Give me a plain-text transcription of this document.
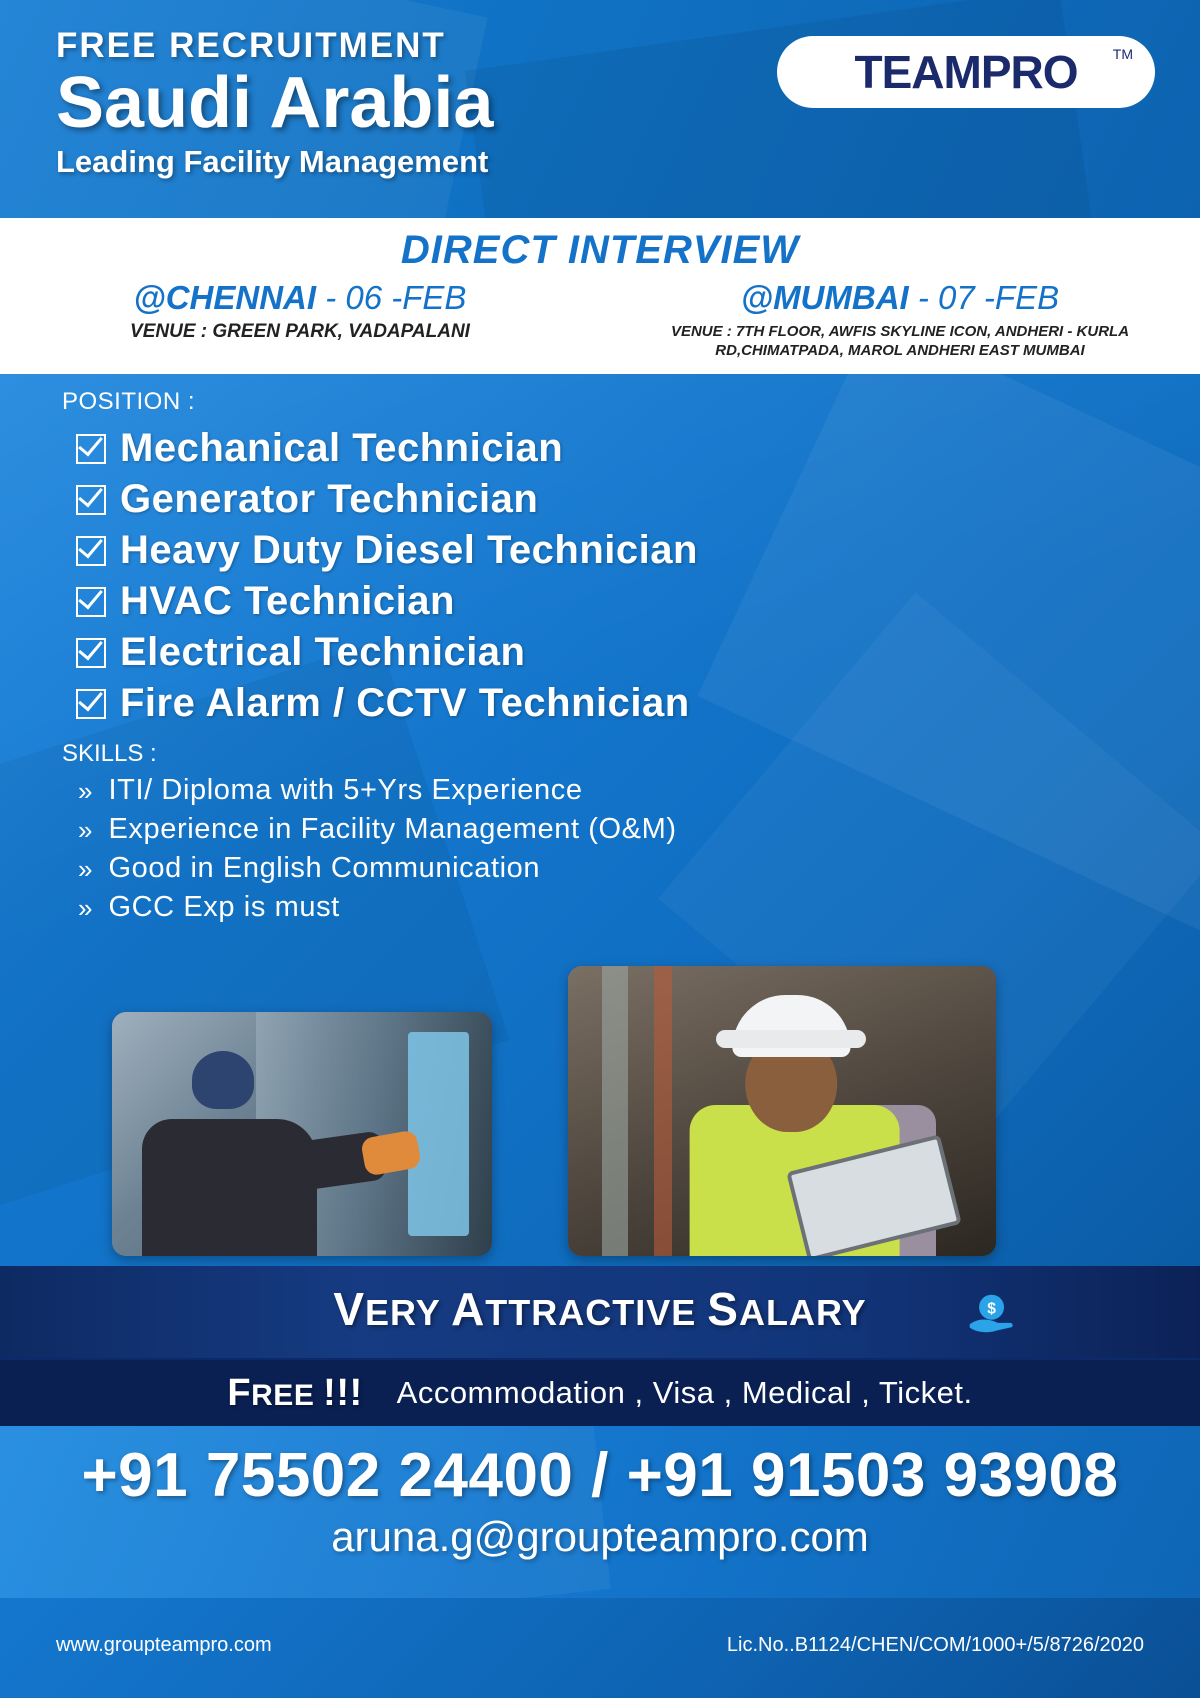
FREE RECRUITMENT
Saudi Arabia
Leading Facility Management
TEAMPRO	TM
DIRECT INTERVIEW
@CHENNAI - 06 -FEB
VENUE : GREEN PARK, VADAPALANI
@MUMBAI - 07 -FEB
VENUE : 7TH FLOOR, AWFIS SKYLINE ICON, ANDHERI - KURLA RD,CHIMATPADA, MAROL ANDHERI EAST MUMBAI
POSITION :
Mechanical Technician
Generator Technician
Heavy Duty Diesel Technician
HVAC Technician
Electrical Technician
Fire Alarm / CCTV Technician
SKILLS :
» ITI/ Diploma with 5+Yrs Experience
» Experience in Facility Management (O&M)
» Good in English Communication
» GCC Exp is must
VERY ATTRACTIVE SALARY	$
FREE !!! Accommodation , Visa , Medical , Ticket.
+91 75502 24400 / +91 91503 93908
aruna.g@groupteampro.com
www.groupteampro.com	Lic.No..B1124/CHEN/COM/1000+/5/8726/2020
